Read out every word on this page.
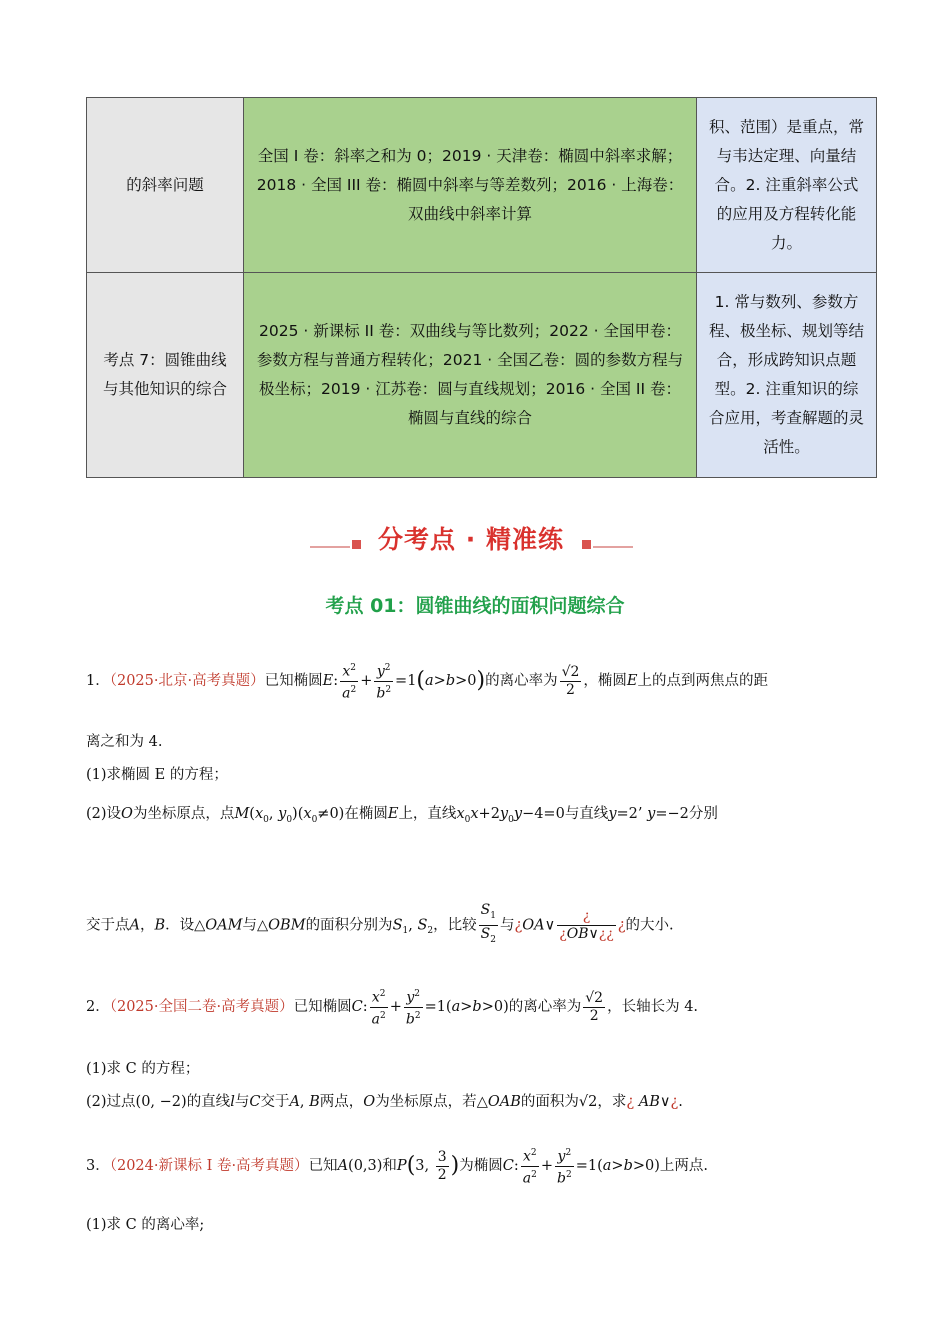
的斜率问题	全国 I 卷：斜率之和为 0；2019 · 天津卷：椭圆中斜率求解；2018 · 全国 III 卷：椭圆中斜率与等差数列；2016 · 上海卷：双曲线中斜率计算	积、范围）是重点，常与韦达定理、向量结合。2. 注重斜率公式的应用及方程转化能力。
考点 7：圆锥曲线与其他知识的综合	2025 · 新课标 II 卷：双曲线与等比数列；2022 · 全国甲卷：参数方程与普通方程转化；2021 · 全国乙卷：圆的参数方程与极坐标；2019 · 江苏卷：圆与直线规划；2016 · 全国 II 卷：椭圆与直线的综合	1. 常与数列、参数方程、极坐标、规划等结合，形成跨知识点题型。2. 注重知识的综合应用，考查解题的灵活性。
分考点 · 精准练
考点 01：圆锥曲线的面积问题综合
1．（2025·北京·高考真题）已知椭圆E: $\frac{x^2}{a^2} + \frac{y^2}{b^2} =1(a>b>0)$的离心率为 $\frac{√2}{2}$ ，椭圆E上的点到两焦点的距
离之和为 4.
(1)求椭圆 E 的方程；
(2)设O为坐标原点，点$M(x_0$, $y_0)(x_0\ne 0)$在椭圆E上，直线$x_0x+2y_0y-4=0$与直线y=2’ y=−2分别
交于点A，B．设△OAM与△OBM的面积分别为$S_1$, $S_2$，比较 $\frac{S_1}{S_2}$ 与¿OA∨ $\frac{¿}{¿OB\vee¿¿}$ ¿的大小.
2．（2025·全国二卷·高考真题）已知椭圆C: $\frac{x^2}{a^2} + \frac{y^2}{b^2} =1(a>b>0)$的离心率为 $\frac{√2}{2}$ ，长轴长为 4.
(1)求 C 的方程；
(2)过点(0, −2)的直线l与C交于A, B两点，O为坐标原点，若△OAB的面积为√2，求¿ AB∨¿.
3．（2024·新课标 I 卷·高考真题）已知A(0,3)和P(3, $\frac{3}{2}$ )为椭圆C: $\frac{x^2}{a^2} + \frac{y^2}{b^2} =1(a>b>0)$上两点.
(1)求 C 的离心率;
